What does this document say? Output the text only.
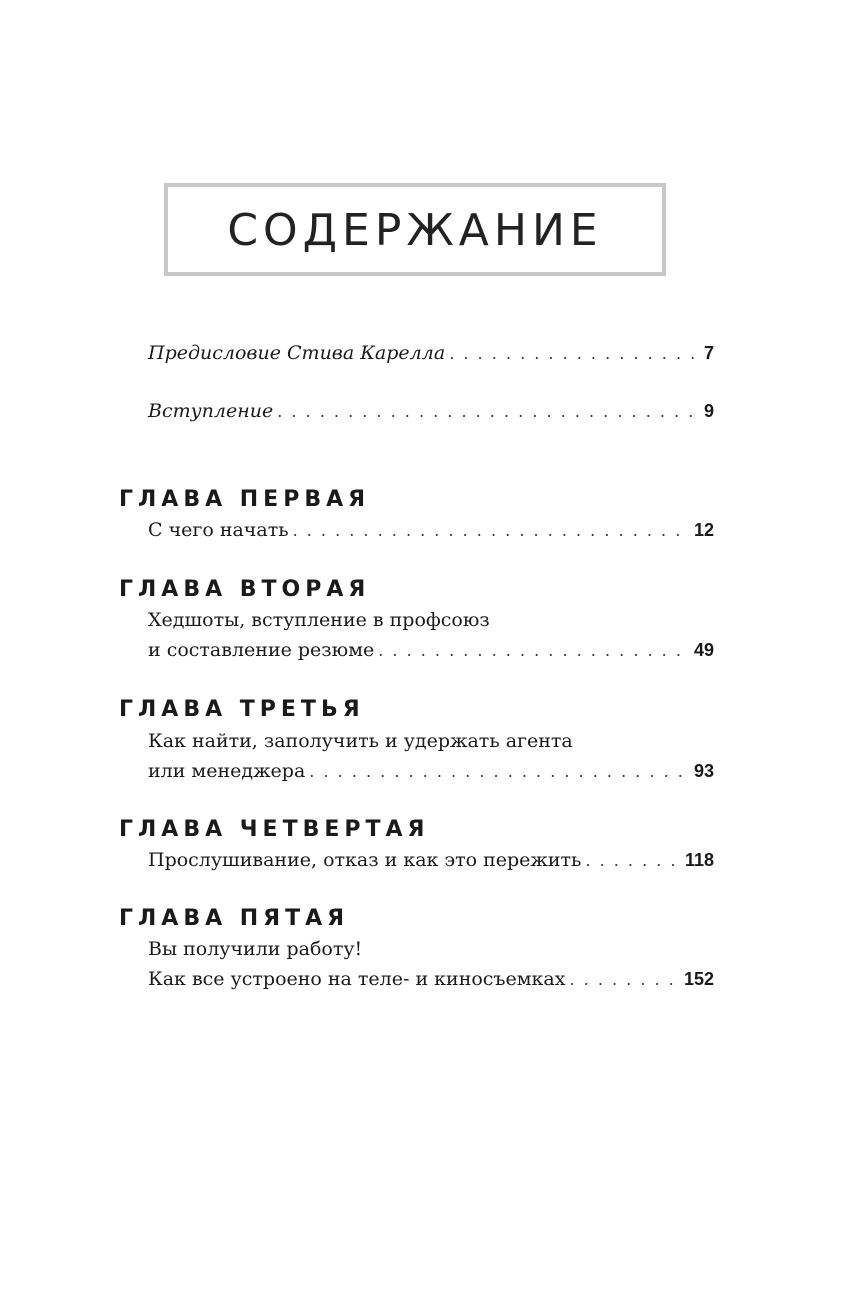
СОДЕРЖАНИЕ
Предисловие Стива Карелла . . .	7
Вступление . . .	9
ГЛАВА ПЕРВАЯ
С чего начать . . .	12
ГЛАВА ВТОРАЯ
Хедшоты, вступление в профсоюз
и составление резюме . . .	49
ГЛАВА ТРЕТЬЯ
Как найти, заполучить и удержать агента
или менеджера . . .	93
ГЛАВА ЧЕТВЕРТАЯ
Прослушивание, отказ и как это пережить . . .	118
ГЛАВА ПЯТАЯ
Вы получили работу!
Как все устроено на теле- и киносъемках . . .	152
